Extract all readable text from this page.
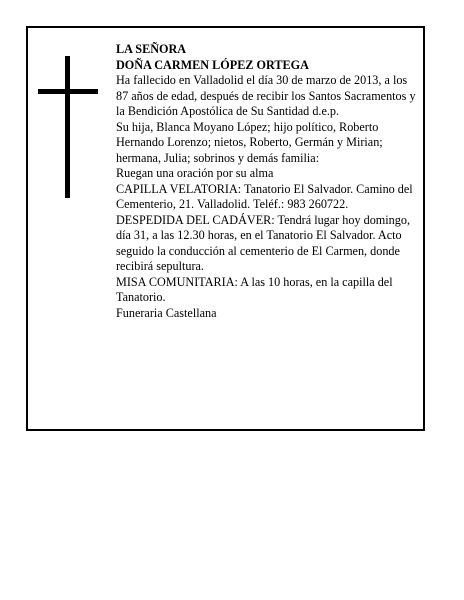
LA SEÑORA
DOÑA CARMEN LÓPEZ ORTEGA
Ha fallecido en Valladolid el día 30 de marzo de 2013, a los 87 años de edad, después de recibir los Santos Sacramentos y la Bendición Apostólica de Su Santidad d.e.p.
Su hija, Blanca Moyano López; hijo político, Roberto Hernando Lorenzo; nietos, Roberto, Germán y Mirian; hermana, Julia; sobrinos y demás familia:
Ruegan una oración por su alma
CAPILLA VELATORIA: Tanatorio El Salvador. Camino del Cementerio, 21. Valladolid. Teléf.: 983 260722.
DESPEDIDA DEL CADÁVER: Tendrá lugar hoy domingo, día 31, a las 12.30 horas, en el Tanatorio El Salvador. Acto seguido la conducción al cementerio de El Carmen, donde recibirá sepultura.
MISA COMUNITARIA: A las 10 horas, en la capilla del Tanatorio.
Funeraria Castellana
